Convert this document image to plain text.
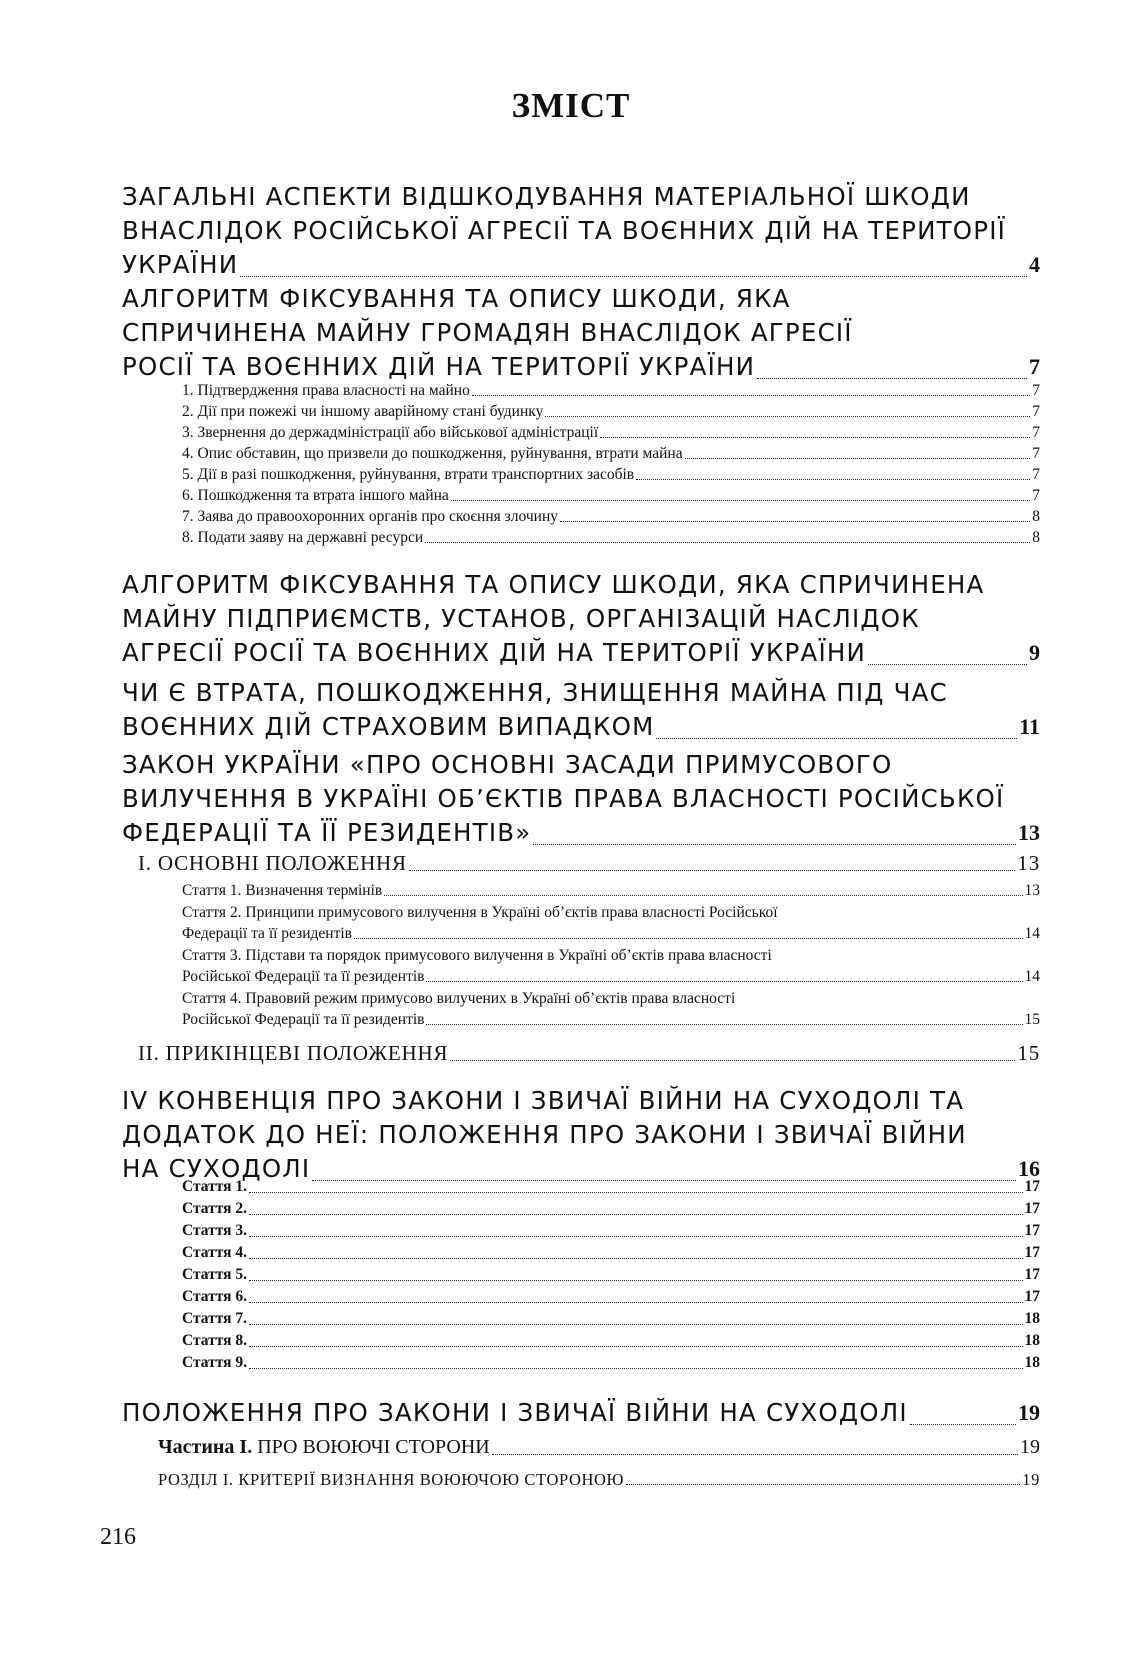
ЗМІСТ
ЗАГАЛЬНІ АСПЕКТИ ВІДШКОДУВАННЯ МАТЕРІАЛЬНОЇ ШКОДИ
ВНАСЛІДОК РОСІЙСЬКОЇ АГРЕСІЇ ТА ВОЄННИХ ДІЙ НА ТЕРИТОРІЇ
УКРАЇНИ	4
АЛГОРИТМ ФІКСУВАННЯ ТА ОПИСУ ШКОДИ, ЯКА
СПРИЧИНЕНА МАЙНУ ГРОМАДЯН ВНАСЛІДОК АГРЕСІЇ
РОСІЇ ТА ВОЄННИХ ДІЙ НА ТЕРИТОРІЇ УКРАЇНИ	7
1. Підтвердження права власності на майно	7
2. Дії при пожежі чи іншому аварійному стані будинку	7
3. Звернення до держадміністрації або військової адміністрації	7
4. Опис обставин, що призвели до пошкодження, руйнування, втрати майна	7
5. Дії в разі пошкодження, руйнування, втрати транспортних засобів	7
6. Пошкодження та втрата іншого майна	7
7. Заява до правоохоронних органів про скоєння злочину	8
8. Подати заяву на державні ресурси	8
АЛГОРИТМ ФІКСУВАННЯ ТА ОПИСУ ШКОДИ, ЯКА СПРИЧИНЕНА
МАЙНУ ПІДПРИЄМСТВ, УСТАНОВ, ОРГАНІЗАЦІЙ НАСЛІДОК
АГРЕСІЇ РОСІЇ ТА ВОЄННИХ ДІЙ НА ТЕРИТОРІЇ УКРАЇНИ	9
ЧИ Є ВТРАТА, ПОШКОДЖЕННЯ, ЗНИЩЕННЯ МАЙНА ПІД ЧАС
ВОЄННИХ ДІЙ СТРАХОВИМ ВИПАДКОМ	11
ЗАКОН УКРАЇНИ «ПРО ОСНОВНІ ЗАСАДИ ПРИМУСОВОГО
ВИЛУЧЕННЯ В УКРАЇНІ ОБ’ЄКТІВ ПРАВА ВЛАСНОСТІ РОСІЙСЬКОЇ
ФЕДЕРАЦІЇ ТА ЇЇ РЕЗИДЕНТІВ»	13
I. ОСНОВНІ ПОЛОЖЕННЯ	13
Стаття 1. Визначення термінів	13
Стаття 2. Принципи примусового вилучення в Україні об’єктів права власності Російської
Федерації та її резидентів	14
Стаття 3. Підстави та порядок примусового вилучення в Україні об’єктів права власності
Російської Федерації та її резидентів	14
Стаття 4. Правовий режим примусово вилучених в Україні об’єктів права власності
Російської Федерації та її резидентів	15
II. ПРИКІНЦЕВІ ПОЛОЖЕННЯ	15
IV КОНВЕНЦІЯ ПРО ЗАКОНИ І ЗВИЧАЇ ВІЙНИ НА СУХОДОЛІ ТА
ДОДАТОК ДО НЕЇ: ПОЛОЖЕННЯ ПРО ЗАКОНИ І ЗВИЧАЇ ВІЙНИ
НА СУХОДОЛІ	16
Стаття 1.	17
Стаття 2.	17
Стаття 3.	17
Стаття 4.	17
Стаття 5.	17
Стаття 6.	17
Стаття 7.	18
Стаття 8.	18
Стаття 9.	18
ПОЛОЖЕННЯ ПРО ЗАКОНИ І ЗВИЧАЇ ВІЙНИ НА СУХОДОЛІ	19
Частина I. ПРО ВОЮЮЧІ СТОРОНИ	19
РОЗДІЛ I. КРИТЕРІЇ ВИЗНАННЯ ВОЮЮЧОЮ СТОРОНОЮ	19
216
